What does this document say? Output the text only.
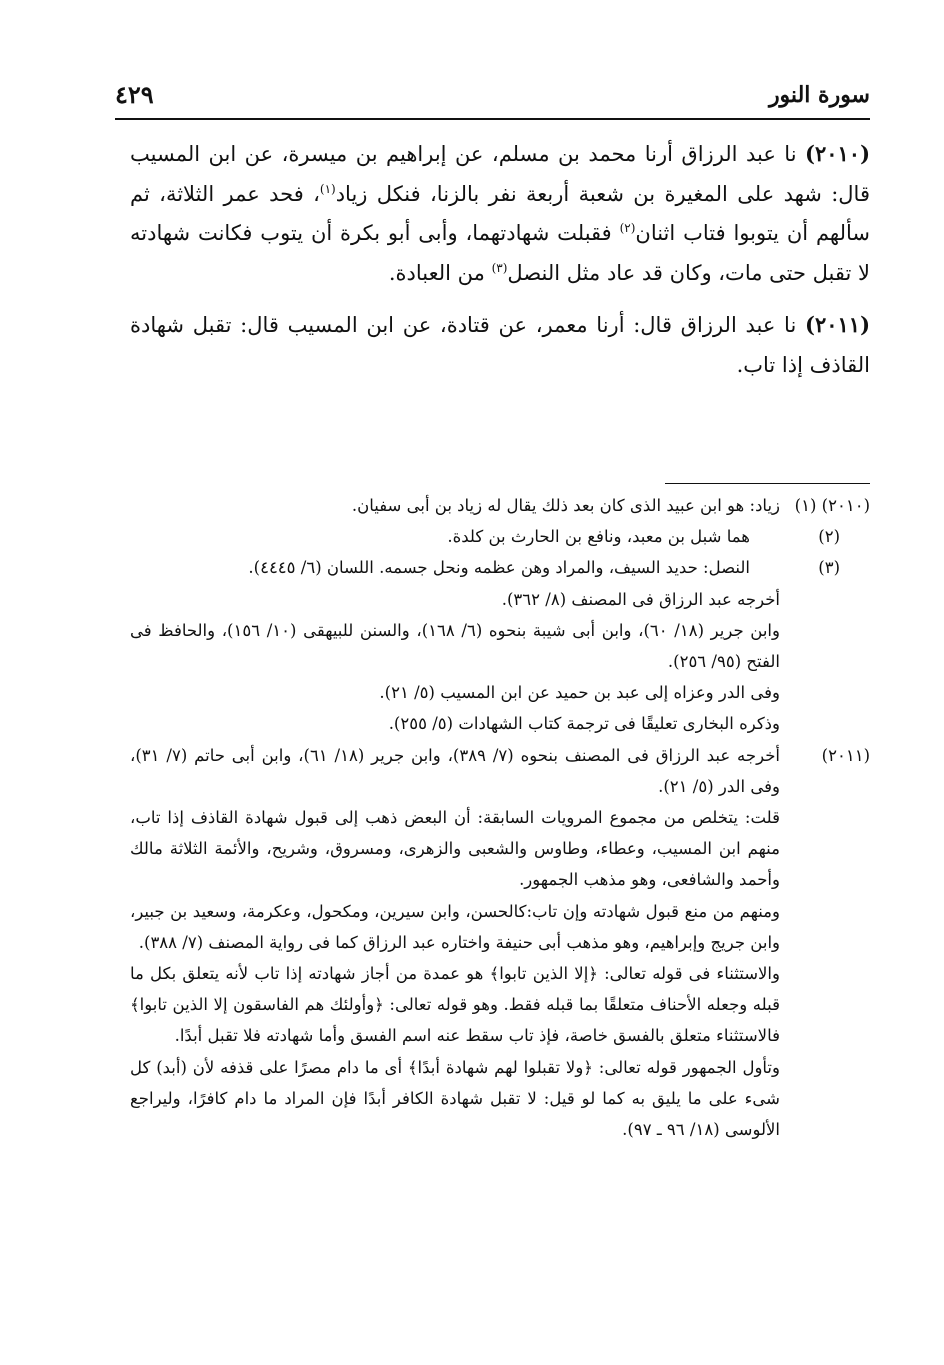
سورة النور
٤٢٩

(٢٠١٠) نا عبد الرزاق أرنا محمد بن مسلم، عن إبراهيم بن ميسرة، عن ابن المسيب قال: شهد على المغيرة بن شعبة أربعة نفر بالزنا، فنكل زياد$^{(١)}$، فحد عمر الثلاثة، ثم سألهم أن يتوبوا فتاب اثنان$^{(٢)}$ فقبلت شهادتهما، وأبى أبو بكرة أن يتوب فكانت شهادته لا تقبل حتى مات، وكان قد عاد مثل النصل$^{(٣)}$ من العبادة.

(٢٠١١) نا عبد الرزاق قال: أرنا معمر، عن قتادة، عن ابن المسيب قال: تقبل شهادة القاذف إذا تاب.

(٢٠١٠) (١)
زياد: هو ابن عبيد الذى كان بعد ذلك يقال له زياد بن أبى سفيان.
(٢)
هما شبل بن معبد، ونافع بن الحارث بن كلدة.
(٣)
النصل: حديد السيف، والمراد وهن عظمه ونحل جسمه. اللسان (٦/ ٤٤٤٥).
أخرجه عبد الرزاق فى المصنف (٨/ ٣٦٢).
وابن جرير (١٨/ ٦٠)، وابن أبى شيبة بنحوه (٦/ ١٦٨)، والسنن للبيهقى (١٠/ ١٥٦)، والحافظ فى الفتح (٩٥/ ٢٥٦).
وفى الدر وعزاه إلى عبد بن حميد عن ابن المسيب (٥/ ٢١).
وذكره البخارى تعليقًا فى ترجمة كتاب الشهادات (٥/ ٢٥٥).
(٢٠١١)
أخرجه عبد الرزاق فى المصنف بنحوه (٧/ ٣٨٩)، وابن جرير (١٨/ ٦١)، وابن أبى حاتم (٧/ ٣١)، وفى الدر (٥/ ٢١).
قلت: يتخلص من مجموع المرويات السابقة: أن البعض ذهب إلى قبول شهادة القاذف إذا تاب، منهم ابن المسيب، وعطاء، وطاوس والشعبى والزهرى، ومسروق، وشريح، والأئمة الثلاثة مالك وأحمد والشافعى، وهو مذهب الجمهور.
ومنهم من منع قبول شهادته وإن تاب:كالحسن، وابن سيرين، ومكحول، وعكرمة، وسعيد بن جبير، وابن جريج وإبراهيم، وهو مذهب أبى حنيفة واختاره عبد الرزاق كما فى رواية المصنف (٧/ ٣٨٨).
والاستثناء فى قوله تعالى: ﴿إلا الذين تابوا﴾ هو عمدة من أجاز شهادته إذا تاب لأنه يتعلق بكل ما قبله وجعله الأحناف متعلقًا بما قبله فقط. وهو قوله تعالى: ﴿وأولئك هم الفاسقون إلا الذين تابوا﴾ فالاستثناء متعلق بالفسق خاصة، فإذ تاب سقط عنه اسم الفسق وأما شهادته فلا تقبل أبدًا.
وتأول الجمهور قوله تعالى: ﴿ولا تقبلوا لهم شهادة أبدًا﴾ أى ما دام مصرًا على قذفه لأن (أبد) كل شىء على ما يليق به كما لو قيل: لا تقبل شهادة الكافر أبدًا فإن المراد ما دام كافرًا، وليراجع الألوسى (١٨/ ٩٦ ـ ٩٧).
